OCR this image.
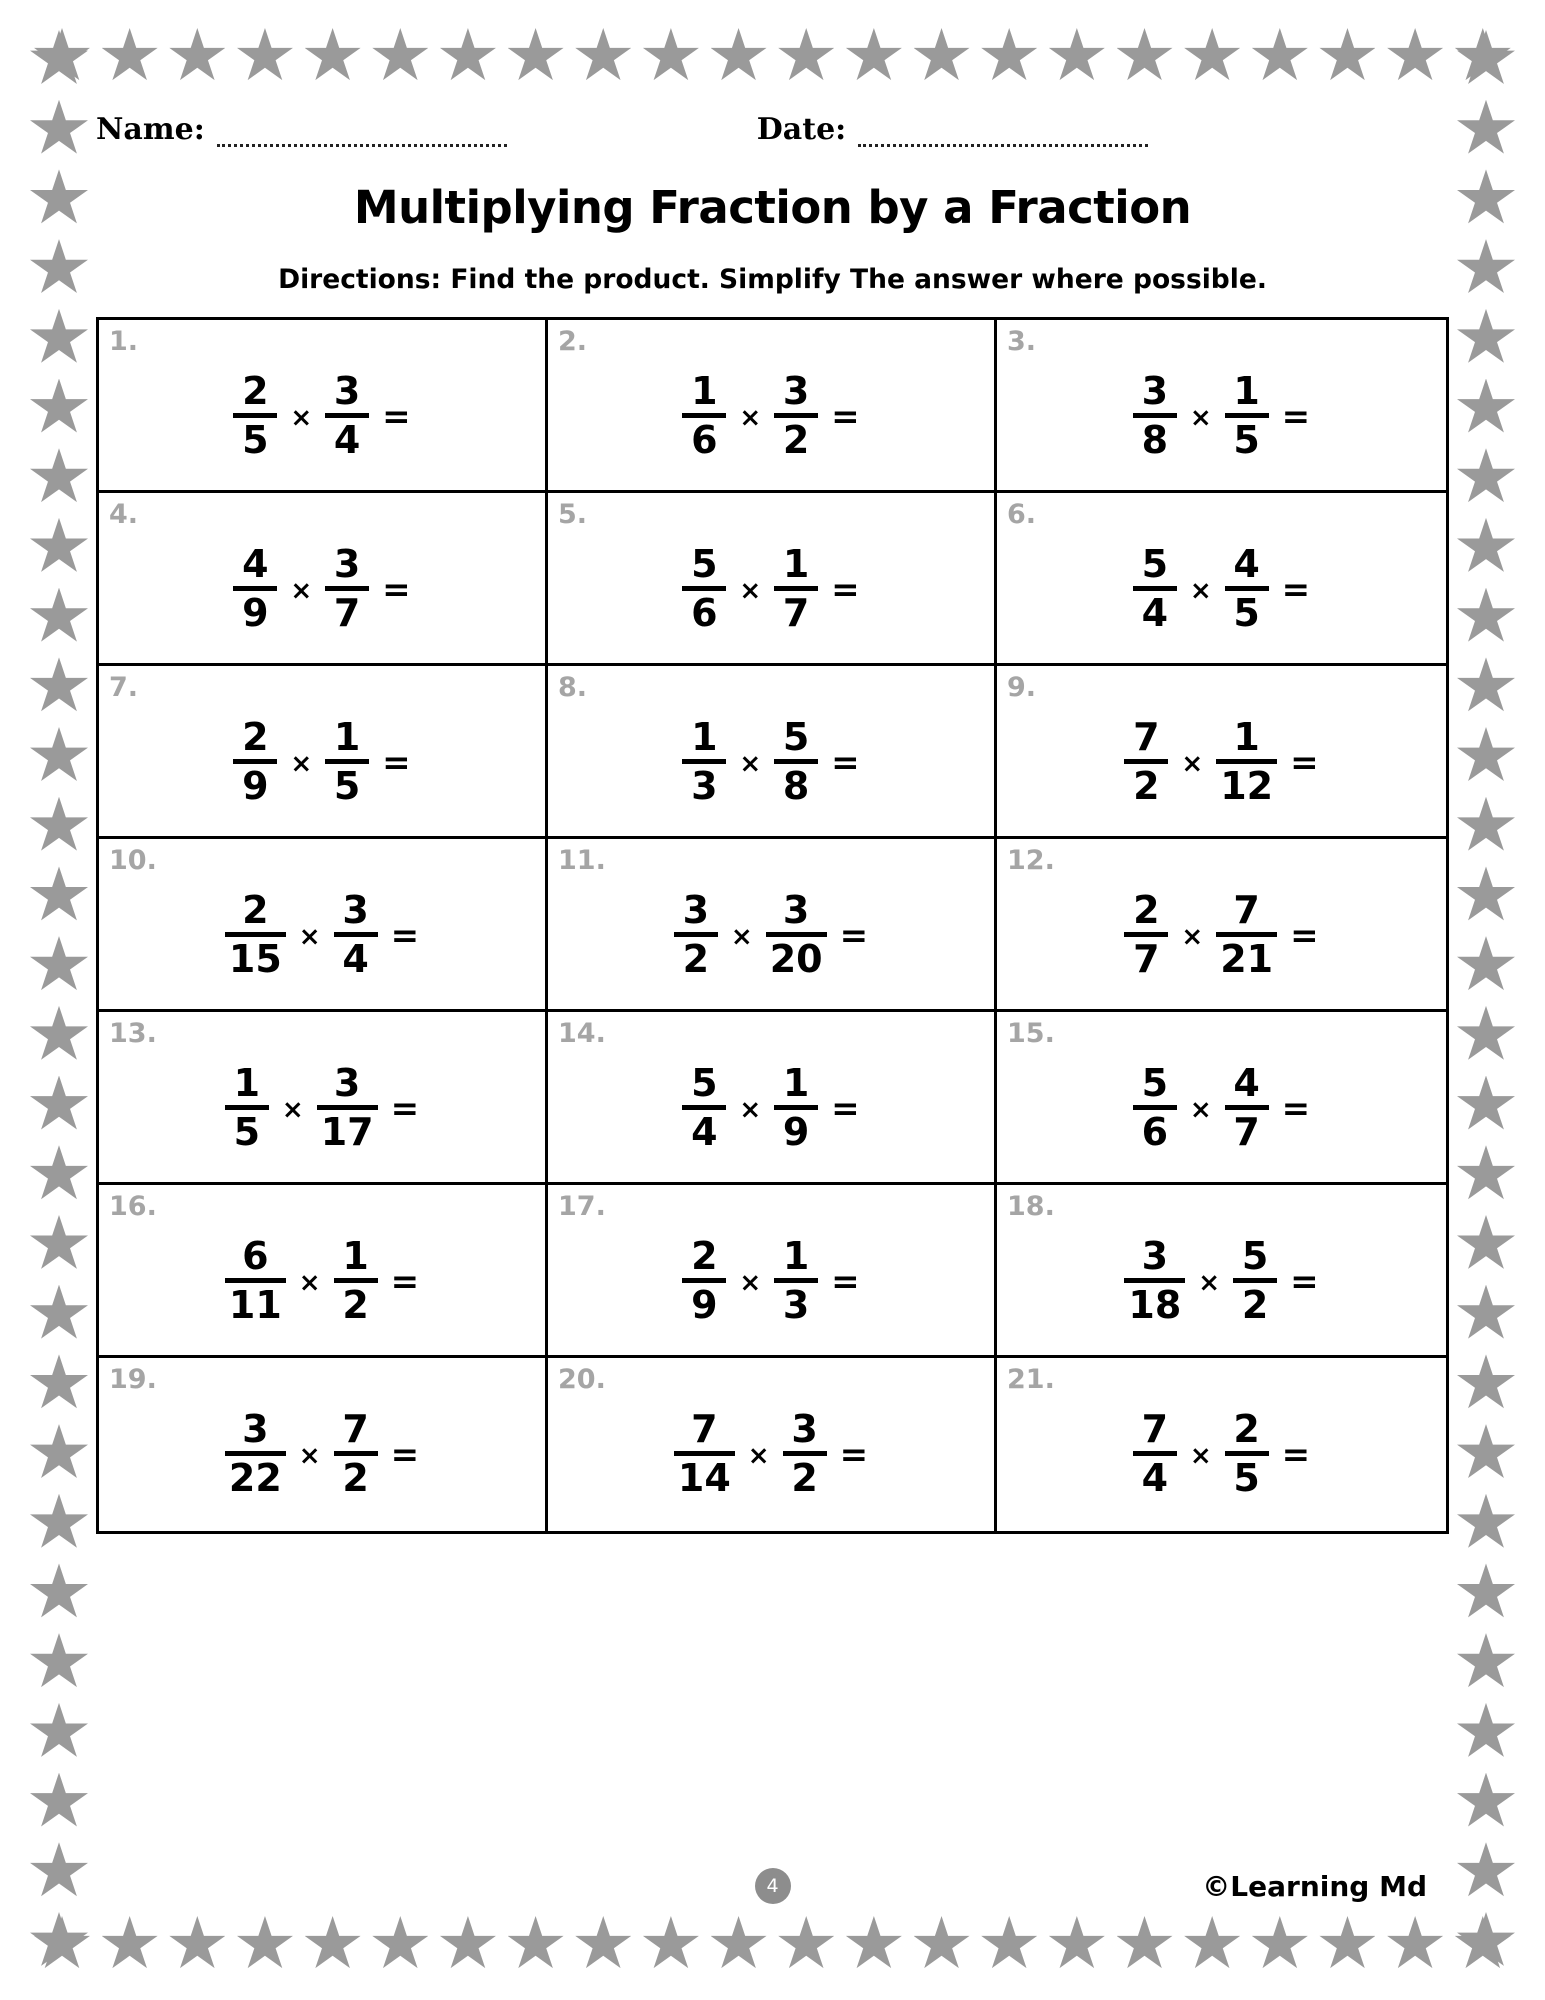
Name:	Date:
Multiplying Fraction by a Fraction

Directions: Find the product. Simplify The answer where possible.

1.
2
5
×
3
4
=
2.
1
6
×
3
2
=
3.
3
8
×
1
5
=
4.
4
9
×
3
7
=
5.
5
6
×
1
7
=
6.
5
4
×
4
5
=
7.
2
9
×
1
5
=
8.
1
3
×
5
8
=
9.
7
2
×
1
12
=
10.
2
15
×
3
4
=
11.
3
2
×
3
20
=
12.
2
7
×
7
21
=
13.
1
5
×
3
17
=
14.
5
4
×
1
9
=
15.
5
6
×
4
7
=
16.
6
11
×
1
2
=
17.
2
9
×
1
3
=
18.
3
18
×
5
2
=
19.
3
22
×
7
2
=
20.
7
14
×
3
2
=
21.
7
4
×
2
5
=
4	©Learning Md
